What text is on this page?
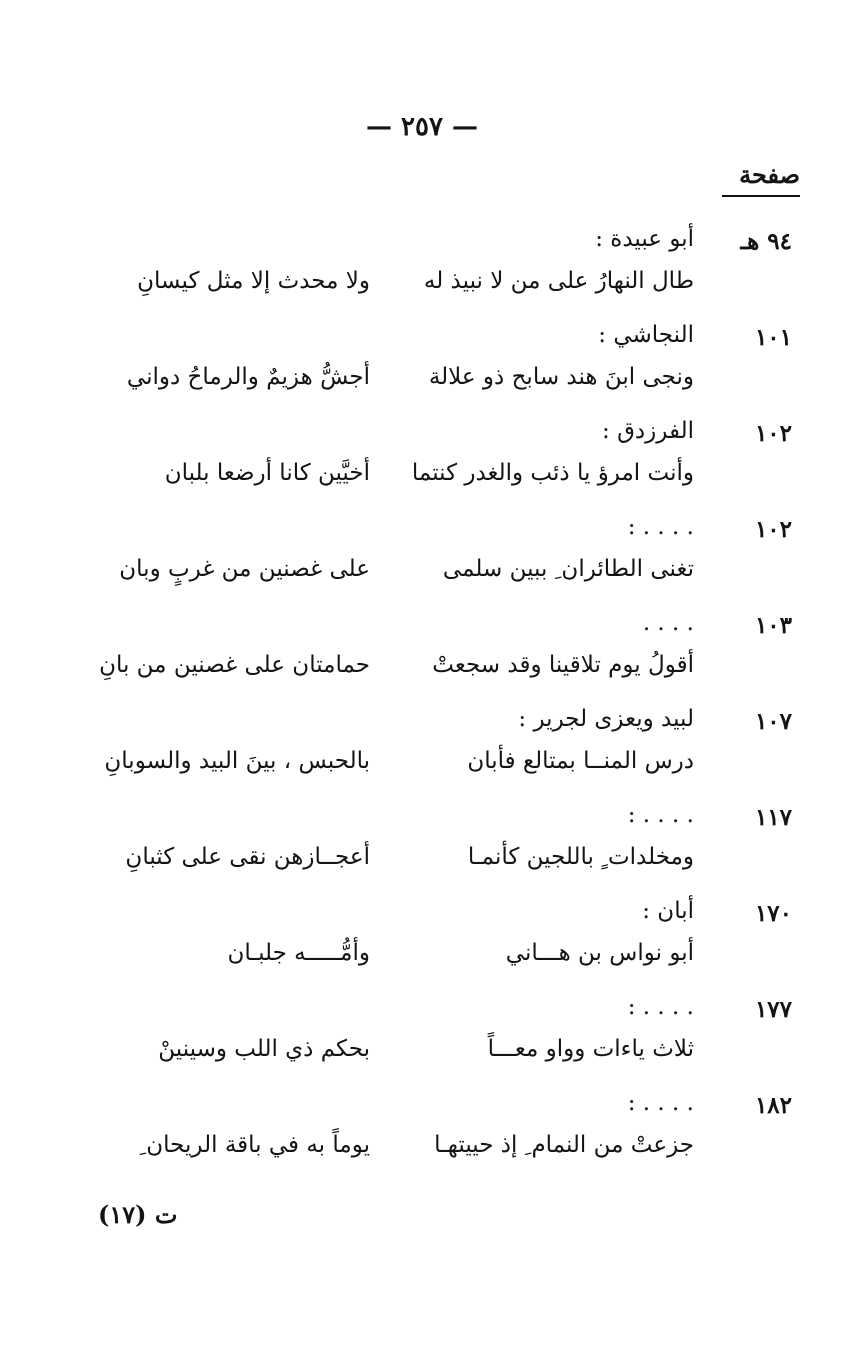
— ٢٥٧ —
صفحة
٩٤ هـ
أبو عبيدة :
طال النهارُ على من لا نبيذ له
ولا محدث إلا مثل كيسانِ
١٠١
النجاشي :
ونجى ابنَ هند سابح ذو علالة
أجشُّ هزيمٌ والرماحُ دواني
١٠٢
الفرزدق :
وأنت امرؤ يا ذئب والغدر كنتما
أخيَّين كانا أرضعا بلبان
١٠٢
. . . . :
تغنى الطائران ِ ببين سلمى
على غصنين من غربٍ وبان
١٠٣
. . . .
أقولُ يوم تلاقينا وقد سجعتْ
حمامتان على غصنين من بانِ
١٠٧
لبيد ويعزى لجرير :
درس المنــا بمتالع فأبان
بالحبس ، بينَ البيد والسوبانِ
١١٧
. . . . :
ومخلدات ٍ باللجين كأنمـا
أعجــازهن نقى على كثبانِ
١٧٠
أبان :
أبو نواس بن هـــاني
وأمُّـــــه جلبـان
١٧٧
. . . . :
ثلاث ياءات وواو معـــاً
بحكم ذي اللب وسينينْ
١٨٢
. . . . :
جزعتْ من النمام ِ إذ حييتهـا
يوماً به في باقة الريحان ِ
ت (١٧)
